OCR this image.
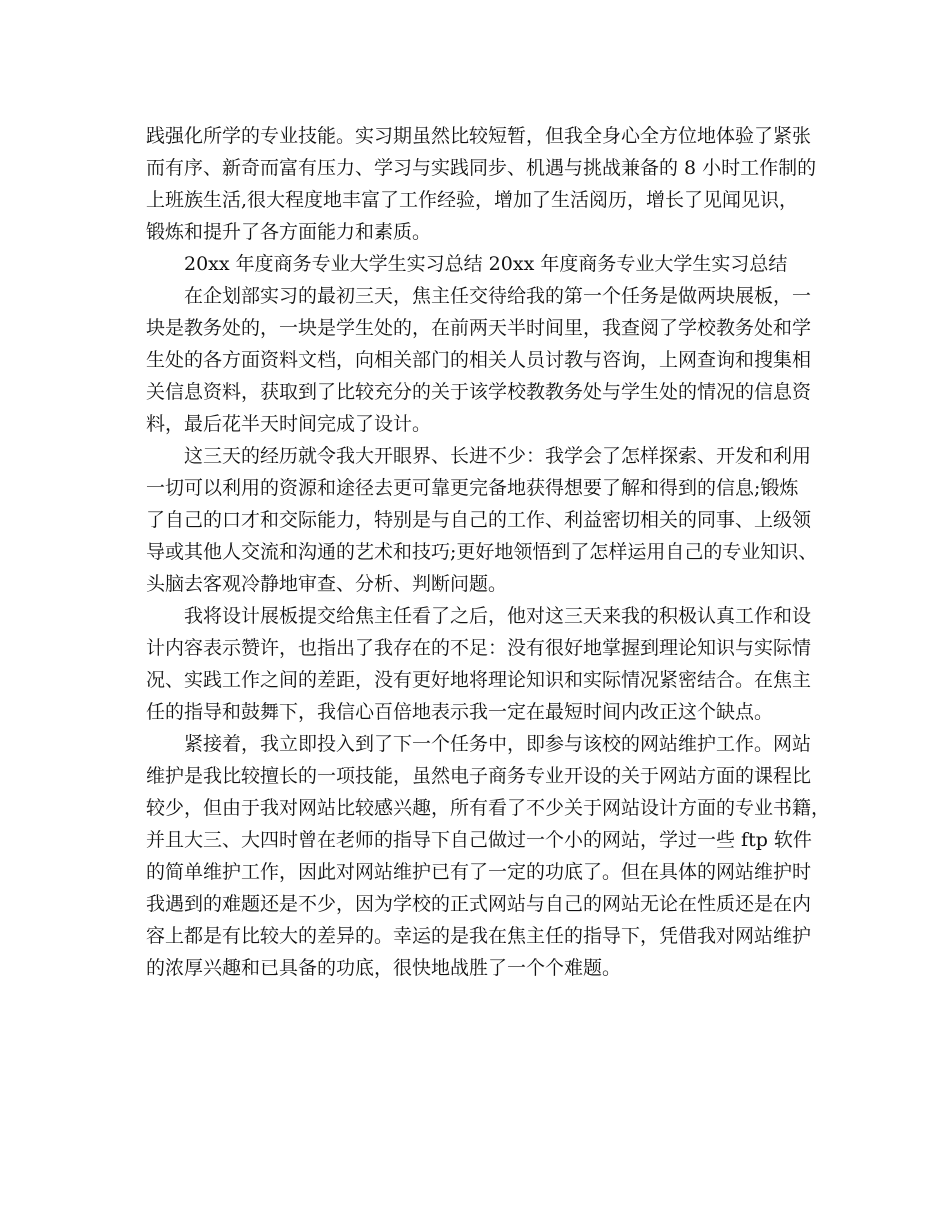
践强化所学的专业技能。实习期虽然比较短暂，但我全身心全方位地体验了紧张
而有序、新奇而富有压力、学习与实践同步、机遇与挑战兼备的 8 小时工作制的
上班族生活,很大程度地丰富了工作经验，增加了生活阅历，增长了见闻见识，
锻炼和提升了各方面能力和素质。
20xx 年度商务专业大学生实习总结 20xx 年度商务专业大学生实习总结
在企划部实习的最初三天，焦主任交待给我的第一个任务是做两块展板，一
块是教务处的，一块是学生处的，在前两天半时间里，我查阅了学校教务处和学
生处的各方面资料文档，向相关部门的相关人员讨教与咨询，上网查询和搜集相
关信息资料，获取到了比较充分的关于该学校教教务处与学生处的情况的信息资
料，最后花半天时间完成了设计。
这三天的经历就令我大开眼界、长进不少：我学会了怎样探索、开发和利用
一切可以利用的资源和途径去更可靠更完备地获得想要了解和得到的信息;锻炼
了自己的口才和交际能力，特别是与自己的工作、利益密切相关的同事、上级领
导或其他人交流和沟通的艺术和技巧;更好地领悟到了怎样运用自己的专业知识、
头脑去客观冷静地审查、分析、判断问题。
我将设计展板提交给焦主任看了之后，他对这三天来我的积极认真工作和设
计内容表示赞许，也指出了我存在的不足：没有很好地掌握到理论知识与实际情
况、实践工作之间的差距，没有更好地将理论知识和实际情况紧密结合。在焦主
任的指导和鼓舞下，我信心百倍地表示我一定在最短时间内改正这个缺点。
紧接着，我立即投入到了下一个任务中，即参与该校的网站维护工作。网站
维护是我比较擅长的一项技能，虽然电子商务专业开设的关于网站方面的课程比
较少，但由于我对网站比较感兴趣，所有看了不少关于网站设计方面的专业书籍，
并且大三、大四时曾在老师的指导下自己做过一个小的网站，学过一些 ftp 软件
的简单维护工作，因此对网站维护已有了一定的功底了。但在具体的网站维护时
我遇到的难题还是不少，因为学校的正式网站与自己的网站无论在性质还是在内
容上都是有比较大的差异的。幸运的是我在焦主任的指导下，凭借我对网站维护
的浓厚兴趣和已具备的功底，很快地战胜了一个个难题。
